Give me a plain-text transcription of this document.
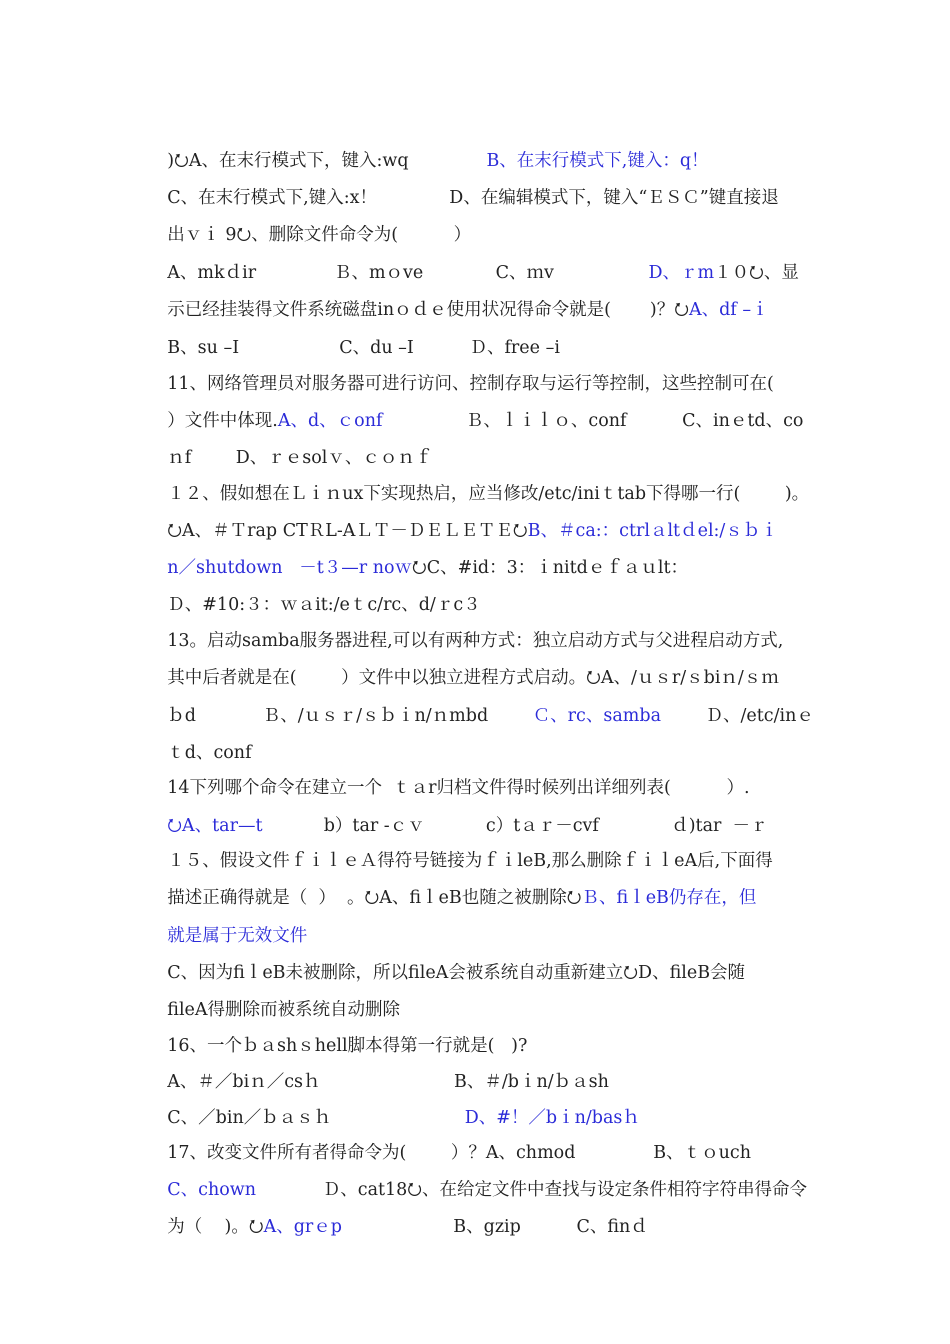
)⭮A、在末行模式下，键入:wq              B、在末行模式下,键入：q！

C、在末行模式下,键入:x！             D、在编辑模式下，键入“ＥＳＣ”键直接退

出ｖｉ 9⭮、删除文件命令为(          ）

A、mkｄir              Ｂ、mｏve             C、ｍv                 D、ｒm１０⭮、显

示已经挂装得文件系统磁盘inｏｄｅ使用状况得命令就是(       )？⭮A、df –ｉ

B、su –I                  C、du –I          Ｄ、free –i

11、网络管理员对服务器可进行访问、控制存取与运行等控制，这些控制可在(

）文件中体现.A、d、ｃonf               Ｂ、ｌｉｌｏ、conf          C、inｅtd、co

ｎf        D、ｒｅsolｖ、ｃｏｎｆ

１２、假如想在Ｌｉｎux下实现热启，应当修改/etc/iniｔtab下得哪一行(        )。

⭮A、＃Ｔrap CTＲL-AＬＴ－ＤＥＬＥＴＥ⭮B、＃ca:：ctrlａltｄel:/ｓｂｉ

n／shutdown   －t３—r noｗ⭮C、#id：3：ｉnitdｅｆａｕlt：

Ｄ、#10:３：ｗａit:/eｔc/rc、d/ｒc３

13。启动samba服务器进程,可以有两种方式：独立启动方式与父进程启动方式,

其中后者就是在(        ）文件中以独立进程方式启动。⭮A、/ｕｓr/ｓbiｎ/ｓｍ

ｂd            Ｂ、/ｕｓｒ/ｓｂｉn/ｎmbd        Ｃ、rc、samba        Ｄ、/etc/inｅ

ｔd、conf

14下列哪个命令在建立一个  ｔａr归档文件得时候列出详细列表(          ）.

⭮A、tar—t           b）tar -ｃｖ           c）tａｒ－cvf             ｄ)tar  －ｒ

１５、假设文件ｆｉｌｅＡ得符号链接为ｆｉleB,那么删除ｆｉｌeA后,下面得

描述正确得就是（  ）  。⭮A、fiｌeB也随之被删除⭮Ｂ、fiｌeB仍存在，但

就是属于无效文件

C、因为fiｌeB未被删除，所以fileA会被系统自动重新建立⭮D、fileB会随

fileA得删除而被系统自动删除

16、一个ｂａshｓhell脚本得第一行就是(   )?

A、＃／biｎ／csｈ                        B、＃/bｉn/ｂａsh

C、／bin／ｂａｓｈ                        D、#！／bｉn/basｈ

17、改变文件所有者得命令为(        ）？A、chmod              B、ｔｏuch

C、chown            Ｄ、cat18⭮、在给定文件中查找与设定条件相符字符串得命令

为（    )。⭮A、grｅp                    B、gzip          C、finｄ
